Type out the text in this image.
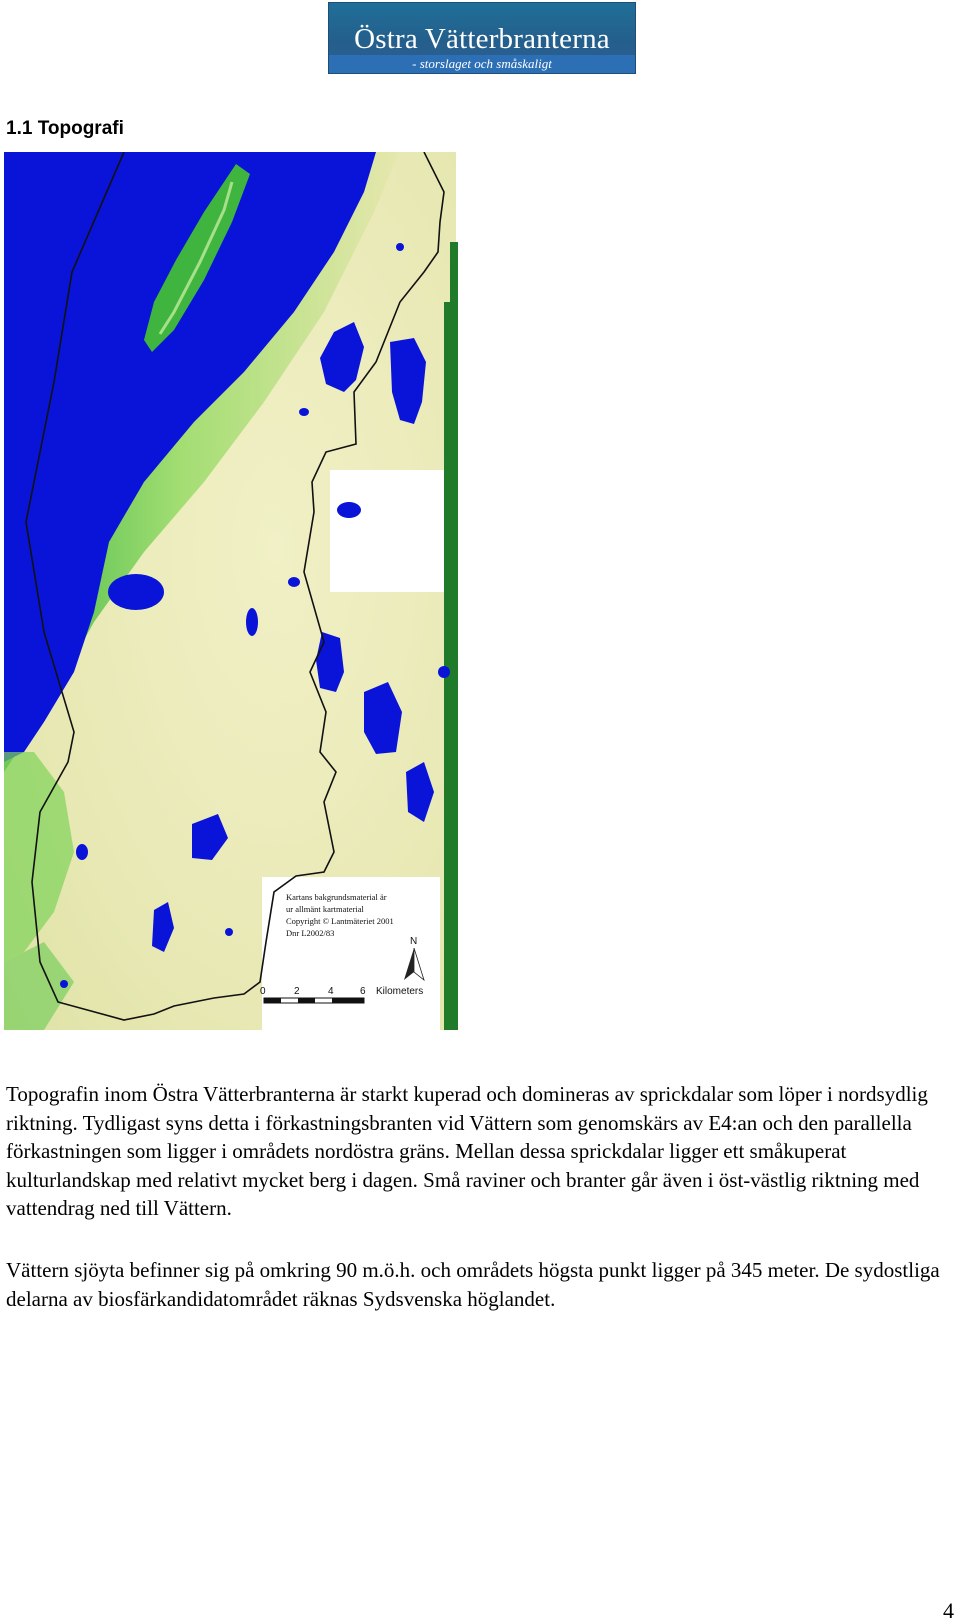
Östra Vätterbranterna
- storslaget och småskaligt
1.1 Topografi
Kartans bakgrundsmaterial är
ur allmänt kartmaterial
Copyright © Lantmäteriet 2001
Dnr L2002/83
N
0	2	4	6 Kilometers

Topografin inom Östra Vätterbranterna är starkt kuperad och domineras av sprickdalar som löper i nordsydlig riktning. Tydligast syns detta i förkastningsbranten vid Vättern som genomskärs av E4:an och den parallella förkastningen som ligger i områdets nordöstra gräns. Mellan dessa sprickdalar ligger ett småkuperat kulturlandskap med relativt mycket berg i dagen. Små raviner och branter går även i öst-västlig riktning med vattendrag ned till Vättern.

Vättern sjöyta befinner sig på omkring 90 m.ö.h. och områdets högsta punkt ligger på 345 meter. De sydostliga delarna av biosfärkandidatområdet räknas Sydsvenska höglandet.

4
